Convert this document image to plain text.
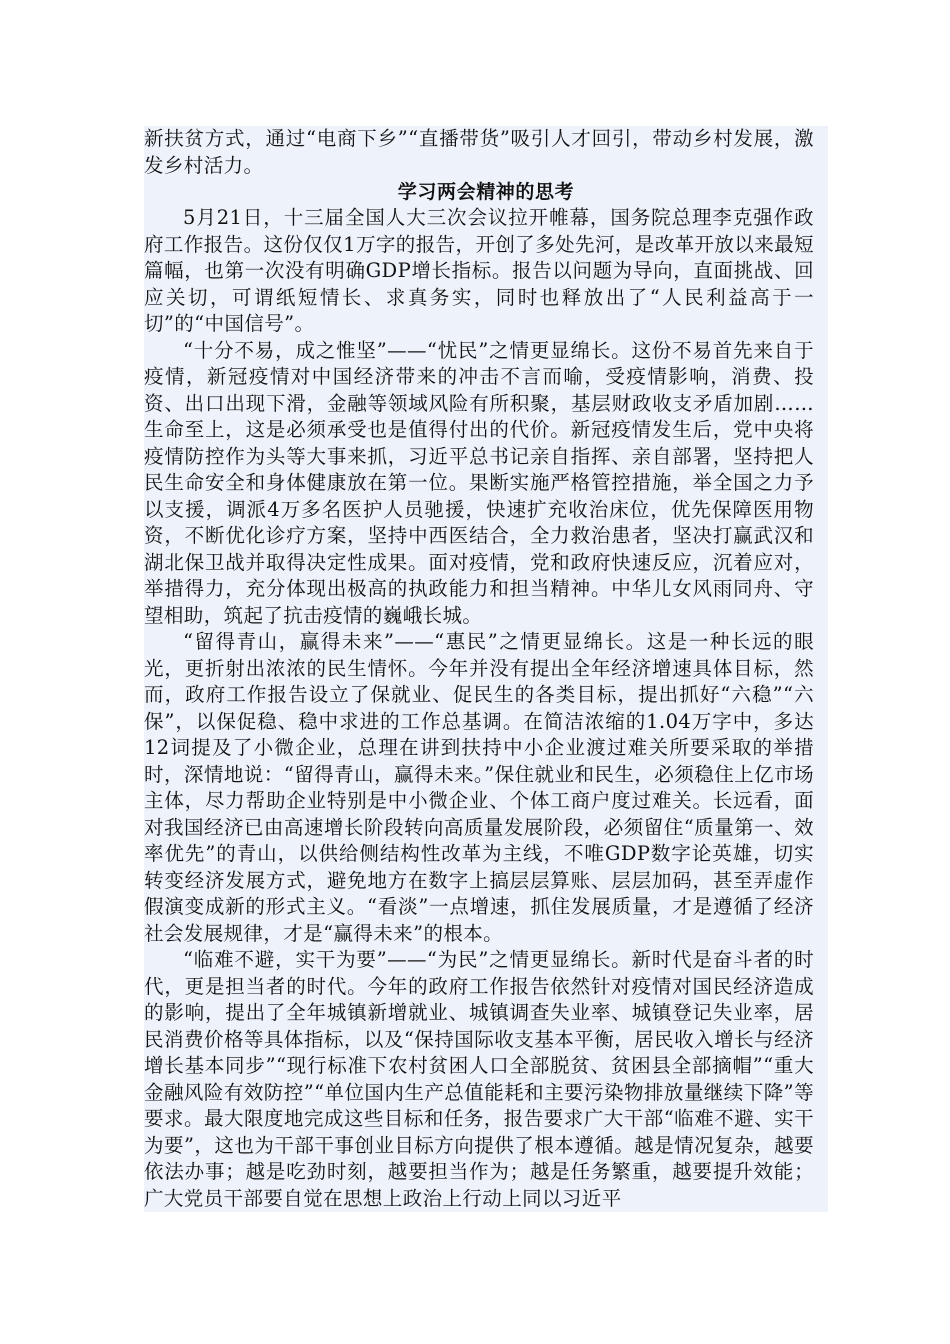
新扶贫方式，通过“电商下乡”“直播带货”吸引人才回引，带动乡村发展，激发乡村活力。

学习两会精神的思考

5月21日，十三届全国人大三次会议拉开帷幕，国务院总理李克强作政府工作报告。这份仅仅1万字的报告，开创了多处先河，是改革开放以来最短篇幅，也第一次没有明确GDP增长指标。报告以问题为导向，直面挑战、回应关切，可谓纸短情长、求真务实，同时也释放出了“人民利益高于一切”的“中国信号”。

“十分不易，成之惟坚”——“忧民”之情更显绵长。这份不易首先来自于疫情，新冠疫情对中国经济带来的冲击不言而喻，受疫情影响，消费、投资、出口出现下滑，金融等领域风险有所积聚，基层财政收支矛盾加剧……生命至上，这是必须承受也是值得付出的代价。新冠疫情发生后，党中央将疫情防控作为头等大事来抓，习近平总书记亲自指挥、亲自部署，坚持把人民生命安全和身体健康放在第一位。果断实施严格管控措施，举全国之力予以支援，调派4万多名医护人员驰援，快速扩充收治床位，优先保障医用物资，不断优化诊疗方案，坚持中西医结合，全力救治患者，坚决打赢武汉和湖北保卫战并取得决定性成果。面对疫情，党和政府快速反应，沉着应对，举措得力，充分体现出极高的执政能力和担当精神。中华儿女风雨同舟、守望相助，筑起了抗击疫情的巍峨长城。

“留得青山，赢得未来”——“惠民”之情更显绵长。这是一种长远的眼光，更折射出浓浓的民生情怀。今年并没有提出全年经济增速具体目标，然而，政府工作报告设立了保就业、促民生的各类目标，提出抓好“六稳”“六保”，以保促稳、稳中求进的工作总基调。在简洁浓缩的1.04万字中，多达12词提及了小微企业，总理在讲到扶持中小企业渡过难关所要采取的举措时，深情地说：“留得青山，赢得未来。”保住就业和民生，必须稳住上亿市场主体，尽力帮助企业特别是中小微企业、个体工商户度过难关。长远看，面对我国经济已由高速增长阶段转向高质量发展阶段，必须留住“质量第一、效率优先”的青山，以供给侧结构性改革为主线，不唯GDP数字论英雄，切实转变经济发展方式，避免地方在数字上搞层层算账、层层加码，甚至弄虚作假演变成新的形式主义。“看淡”一点增速，抓住发展质量，才是遵循了经济社会发展规律，才是“赢得未来”的根本。

“临难不避，实干为要”——“为民”之情更显绵长。新时代是奋斗者的时代，更是担当者的时代。今年的政府工作报告依然针对疫情对国民经济造成的影响，提出了全年城镇新增就业、城镇调查失业率、城镇登记失业率，居民消费价格等具体指标，以及“保持国际收支基本平衡，居民收入增长与经济增长基本同步”“现行标准下农村贫困人口全部脱贫、贫困县全部摘帽”“重大金融风险有效防控”“单位国内生产总值能耗和主要污染物排放量继续下降”等要求。最大限度地完成这些目标和任务，报告要求广大干部“临难不避、实干为要”，这也为干部干事创业目标方向提供了根本遵循。越是情况复杂，越要依法办事；越是吃劲时刻，越要担当作为；越是任务繁重，越要提升效能；广大党员干部要自觉在思想上政治上行动上同以习近平
